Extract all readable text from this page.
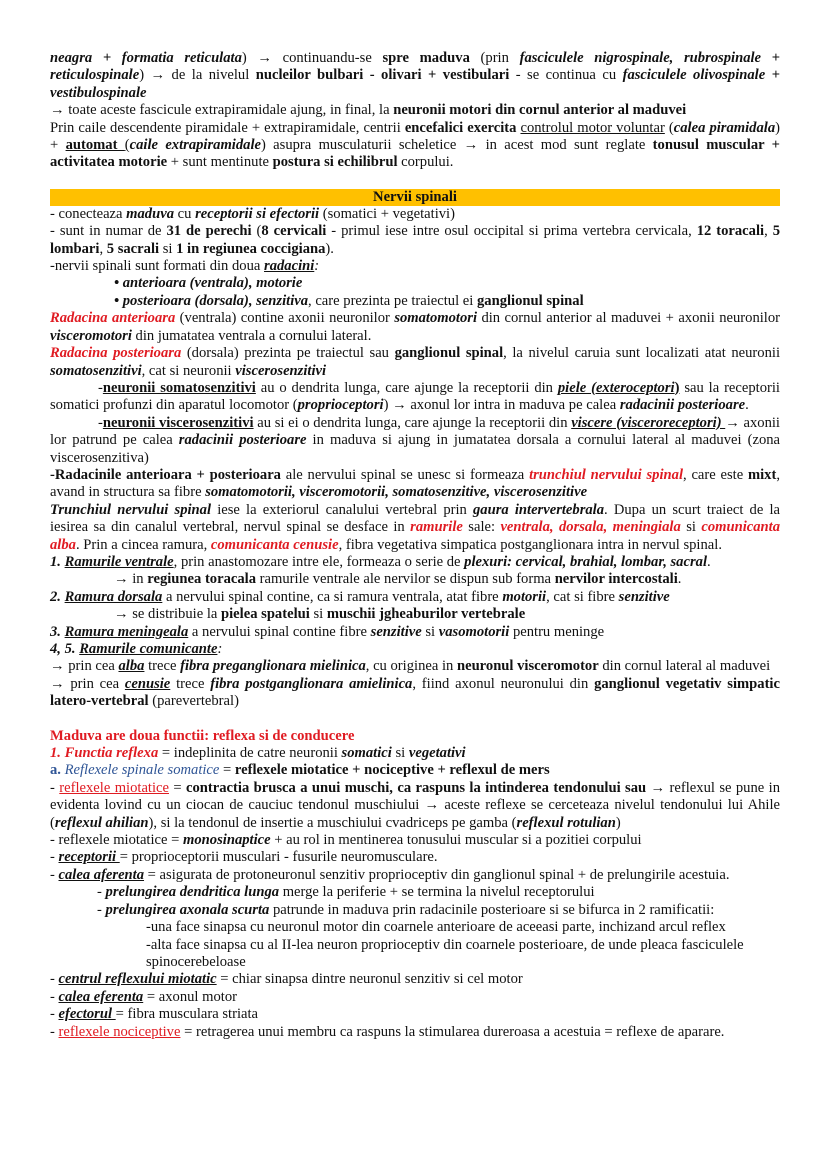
neagra + formatia reticulata) → continuandu-se spre maduva (prin fasciculele nigrospinale, rubrospinale + reticulospinale) → de la nivelul nucleilor bulbari - olivari + vestibulari - se continua cu fasciculele olivospinale + vestibulospinale

→ toate aceste fascicule extrapiramidale ajung, in final, la neuronii motori din cornul anterior al maduvei

Prin caile descendente piramidale + extrapiramidale, centrii encefalici exercita controlul motor voluntar (calea piramidala) + automat (caile extrapiramidale) asupra musculaturii scheletice → in acest mod sunt reglate tonusul muscular + activitatea motorie + sunt mentinute postura si echilibrul corpului.

Nervii spinali

- conecteaza maduva cu receptorii si efectorii (somatici + vegetativi)

- sunt in numar de 31 de perechi (8 cervicali - primul iese intre osul occipital si prima vertebra cervicala, 12 toracali, 5 lombari, 5 sacrali si 1 in regiunea coccigiana).

-nervii spinali sunt formati din doua radacini:

• anterioara (ventrala), motorie

• posterioara (dorsala), senzitiva, care prezinta pe traiectul ei ganglionul spinal

Radacina anterioara (ventrala) contine axonii neuronilor somatomotori din cornul anterior al maduvei + axonii neuronilor visceromotori din jumatatea ventrala a cornului lateral.

Radacina posterioara (dorsala) prezinta pe traiectul sau ganglionul spinal, la nivelul caruia sunt localizati atat neuronii somatosenzitivi, cat si neuronii viscerosenzitivi

-neuronii somatosenzitivi au o dendrita lunga, care ajunge la receptorii din piele (exteroceptori) sau la receptorii somatici profunzi din aparatul locomotor (proprioceptori) → axonul lor intra in maduva pe calea radacinii posterioare.

-neuronii viscerosenzitivi au si ei o dendrita lunga, care ajunge la receptorii din viscere (visceroreceptori) → axonii lor patrund pe calea radacinii posterioare in maduva si ajung in jumatatea dorsala a cornului lateral al maduvei (zona viscerosenzitiva)

-Radacinile anterioara + posterioara ale nervului spinal se unesc si formeaza trunchiul nervului spinal, care este mixt, avand in structura sa fibre somatomotorii, visceromotorii, somatosenzitive, viscerosenzitive

Trunchiul nervului spinal iese la exteriorul canalului vertebral prin gaura intervertebrala. Dupa un scurt traiect de la iesirea sa din canalul vertebral, nervul spinal se desface in ramurile sale: ventrala, dorsala, meningiala si comunicanta alba. Prin a cincea ramura, comunicanta cenusie, fibra vegetativa simpatica postganglionara intra in nervul spinal.

1. Ramurile ventrale, prin anastomozare intre ele, formeaza o serie de plexuri: cervical, brahial, lombar, sacral.

→ in regiunea toracala ramurile ventrale ale nervilor se dispun sub forma nervilor intercostali.

2. Ramura dorsala a nervului spinal contine, ca si ramura ventrala, atat fibre motorii, cat si fibre senzitive

→ se distribuie la pielea spatelui si muschii jgheaburilor vertebrale

3. Ramura meningeala a nervului spinal contine fibre senzitive si vasomotorii pentru meninge

4, 5. Ramurile comunicante:

→ prin cea alba trece fibra preganglionara mielinica, cu originea in neuronul visceromotor din cornul lateral al maduvei

→ prin cea cenusie trece fibra postganglionara amielinica, fiind axonul neuronului din ganglionul vegetativ simpatic latero-vertebral (parevertebral)

Maduva are doua functii: reflexa si de conducere

1. Functia reflexa = indeplinita de catre neuronii somatici si vegetativi

a. Reflexele spinale somatice = reflexele miotatice + nociceptive + reflexul de mers

- reflexele miotatice = contractia brusca a unui muschi, ca raspuns la intinderea tendonului sau → reflexul se pune in evidenta lovind cu un ciocan de cauciuc tendonul muschiului → aceste reflexe se cerceteaza nivelul tendonului lui Ahile (reflexul ahilian), si la tendonul de insertie a muschiului cvadriceps pe gamba (reflexul rotulian)

- reflexele miotatice = monosinaptice + au rol in mentinerea tonusului muscular si a pozitiei corpului

- receptorii = proprioceptorii musculari - fusurile neuromusculare.

- calea aferenta = asigurata de protoneuronul senzitiv proprioceptiv din ganglionul spinal + de prelungirile acestuia.

- prelungirea dendritica lunga merge la periferie + se termina la nivelul receptorului

- prelungirea axonala scurta patrunde in maduva prin radacinile posterioare si se bifurca in 2 ramificatii:

-una face sinapsa cu neuronul motor din coarnele anterioare de aceeasi parte, inchizand arcul reflex

-alta face sinapsa cu al II-lea neuron proprioceptiv din coarnele posterioare, de unde pleaca fasciculele spinocerebeloase

- centrul reflexului miotatic = chiar sinapsa dintre neuronul senzitiv si cel motor

- calea eferenta = axonul motor

- efectorul = fibra musculara striata

- reflexele nociceptive = retragerea unui membru ca raspuns la stimularea dureroasa a acestuia = reflexe de aparare.
